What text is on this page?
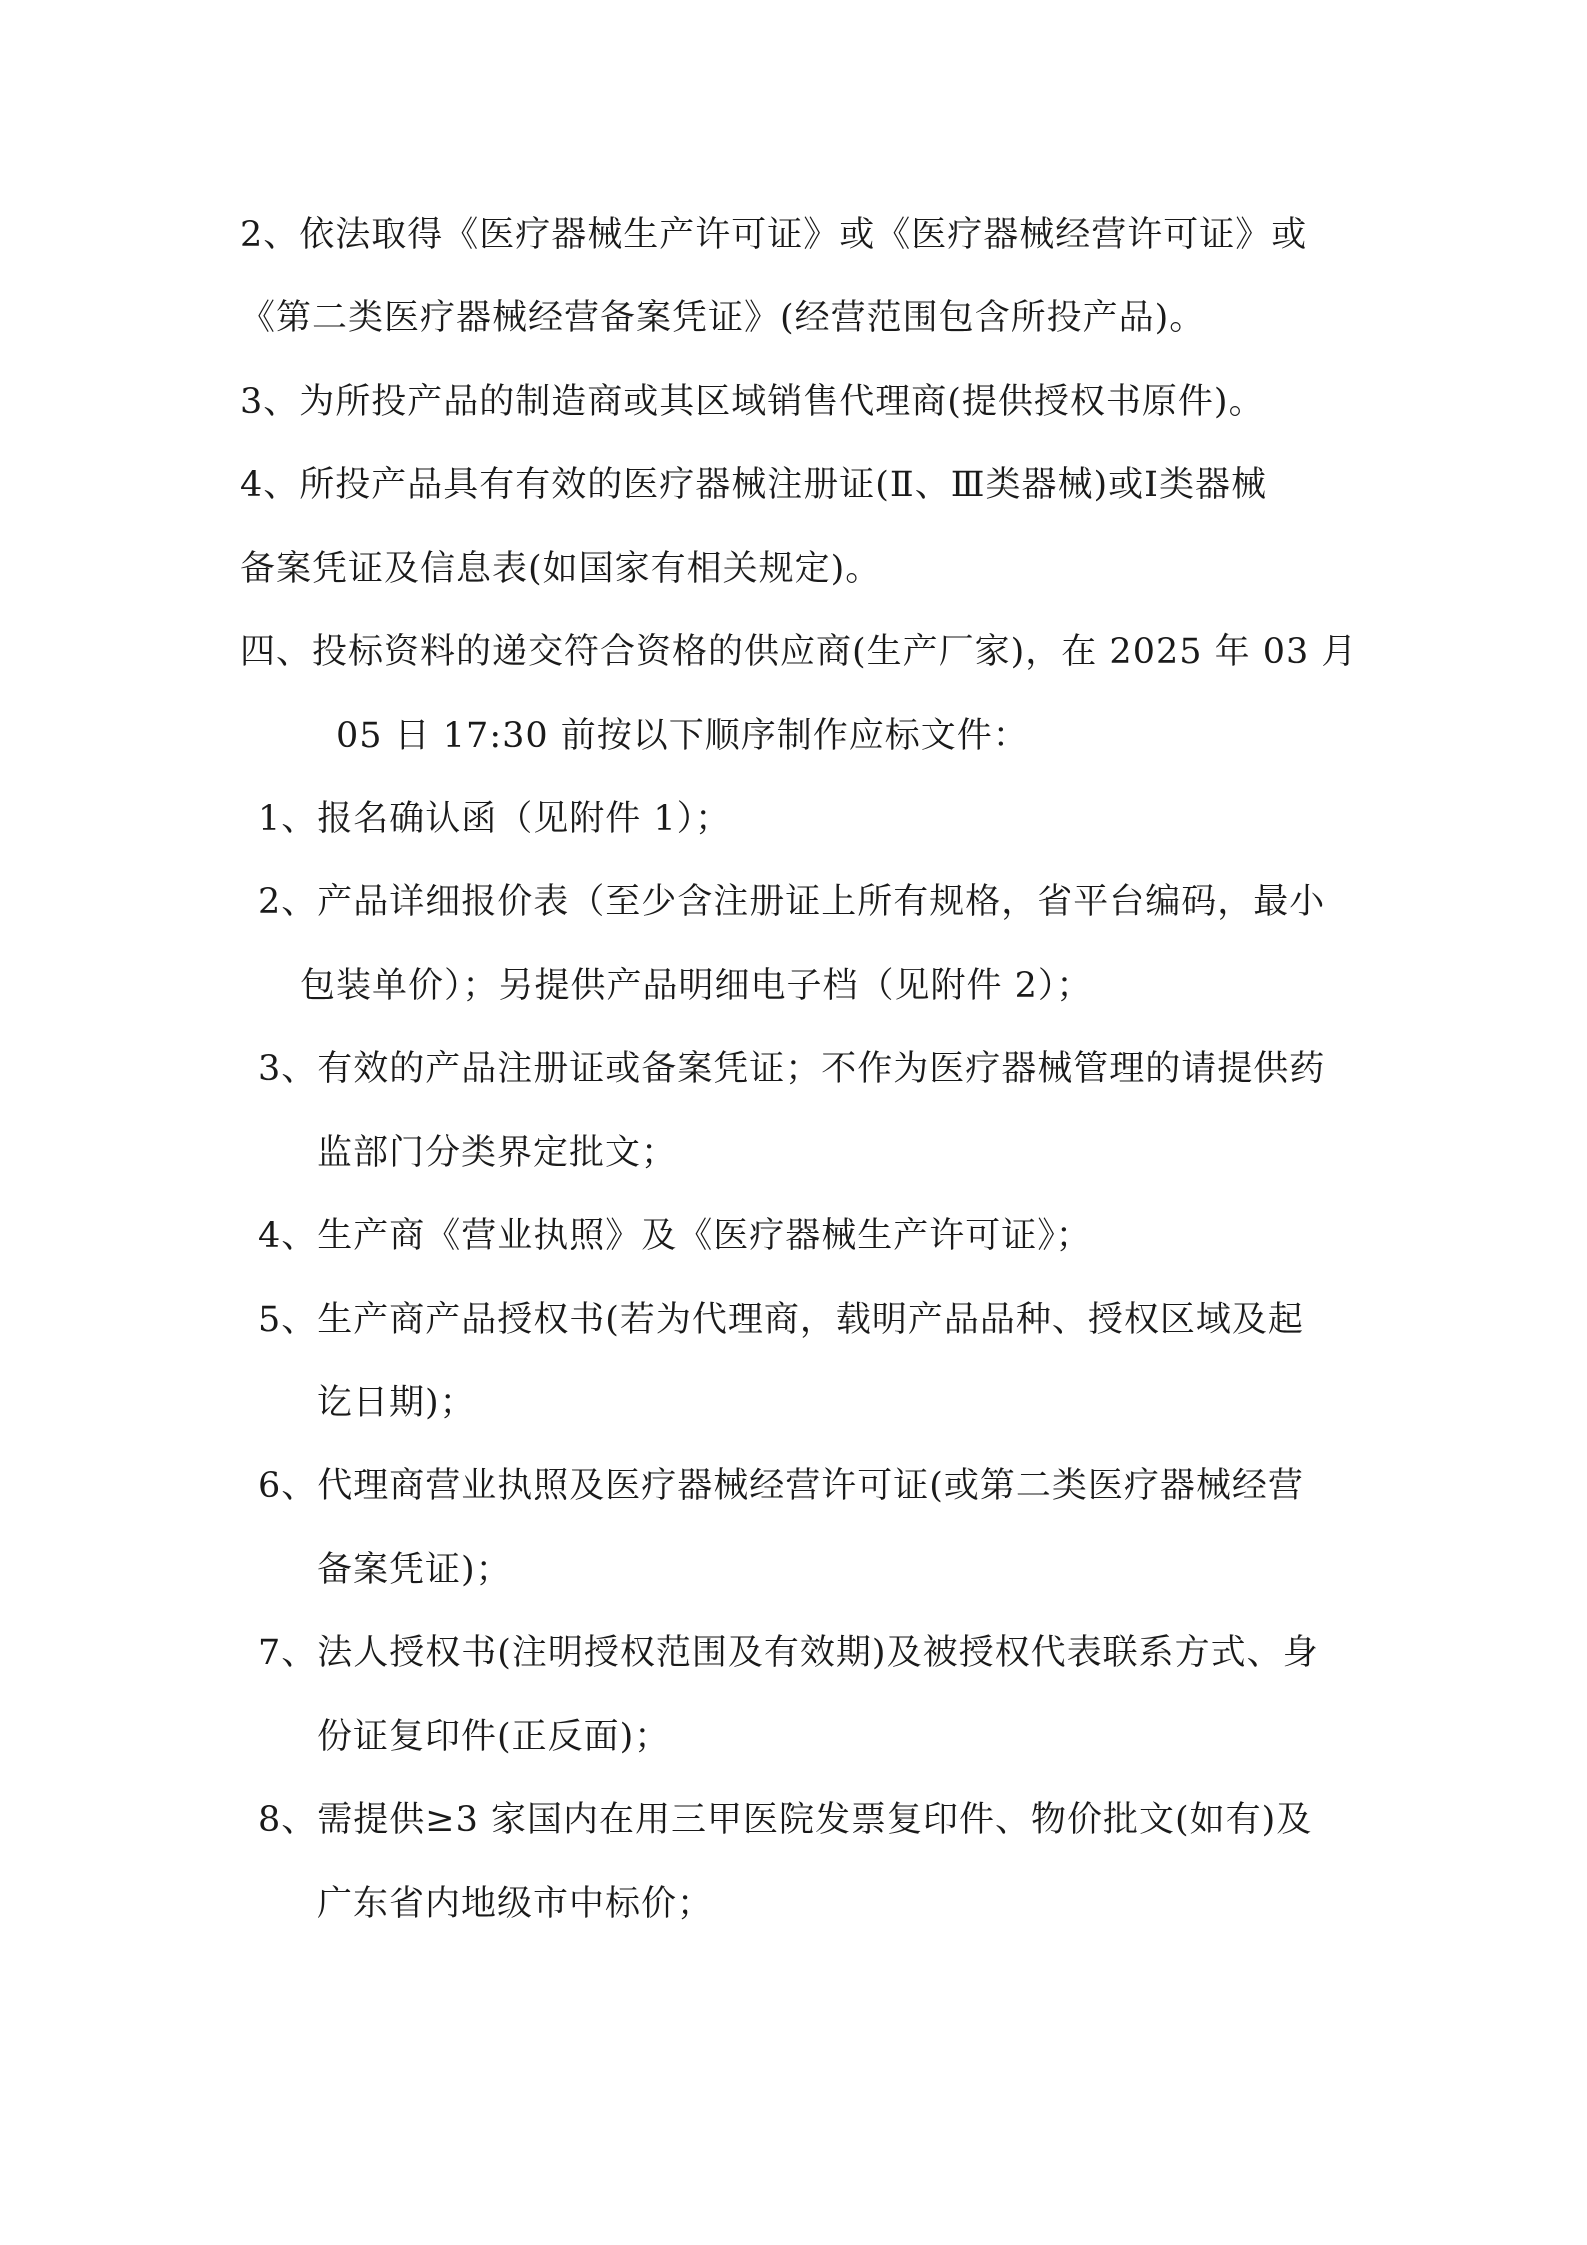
2、依法取得《医疗器械生产许可证》或《医疗器械经营许可证》或
《第二类医疗器械经营备案凭证》(经营范围包含所投产品)。
3、为所投产品的制造商或其区域销售代理商(提供授权书原件)。
4、所投产品具有有效的医疗器械注册证(Ⅱ、Ⅲ类器械)或Ⅰ类器械
备案凭证及信息表(如国家有相关规定)。
四、投标资料的递交符合资格的供应商(生产厂家)，在 2025 年 03 月
05 日 17:30 前按以下顺序制作应标文件：
1、报名确认函（见附件 1）；
2、产品详细报价表（至少含注册证上所有规格，省平台编码，最小
包装单价）；另提供产品明细电子档（见附件 2）；
3、有效的产品注册证或备案凭证；不作为医疗器械管理的请提供药
监部门分类界定批文；
4、生产商《营业执照》及《医疗器械生产许可证》；
5、生产商产品授权书(若为代理商，载明产品品种、授权区域及起
讫日期)；
6、代理商营业执照及医疗器械经营许可证(或第二类医疗器械经营
备案凭证)；
7、法人授权书(注明授权范围及有效期)及被授权代表联系方式、身
份证复印件(正反面)；
8、需提供≥3 家国内在用三甲医院发票复印件、物价批文(如有)及
广东省内地级市中标价；
